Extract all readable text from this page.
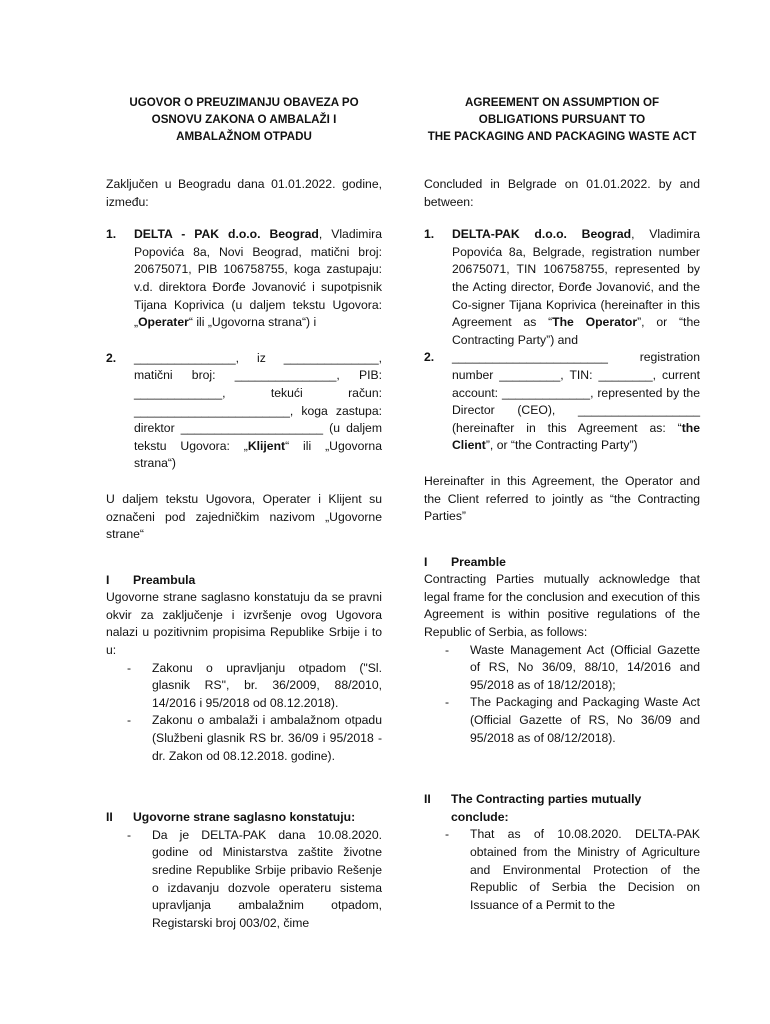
UGOVOR O PREUZIMANJU OBAVEZA PO
OSNOVU ZAKONA O AMBALAŽI I
AMBALAŽNOM OTPADU

Zaključen u Beogradu dana 01.01.2022. godine, između:

1.	DELTA - PAK d.o.o. Beograd, Vladimira Popovića 8a, Novi Beograd, matični broj: 20675071, PIB 106758755, koga zastupaju: v.d. direktora Đorđe Jovanović i supotpisnik Tijana Koprivica (u daljem tekstu Ugovora: „Operater“ ili „Ugovorna strana“) i
2.	_______________, iz ______________, matični broj: _______________, PIB: _____________, tekući račun: _______________________, koga zastupa: direktor _____________________ (u daljem tekstu Ugovora: „Klijent“ ili „Ugovorna strana“)

U daljem tekstu Ugovora, Operater i Klijent su označeni pod zajedničkim nazivom „Ugovorne strane“

I	Preambula

Ugovorne strane saglasno konstatuju da se pravni okvir za zaključenje i izvršenje ovog Ugovora nalazi u pozitivnim propisima Republike Srbije i to u:

-	Zakonu o upravljanju otpadom ("Sl. glasnik RS", br. 36/2009, 88/2010, 14/2016 i 95/2018 od 08.12.2018).
-	Zakonu o ambalaži i ambalažnom otpadu (Službeni glasnik RS br. 36/09 i 95/2018 - dr. Zakon od 08.12.2018. godine).
II	Ugovorne strane saglasno konstatuju:
-	Da je DELTA-PAK dana 10.08.2020. godine od Ministarstva zaštite životne sredine Republike Srbije pribavio Rešenje o izdavanju dozvole operateru sistema upravljanja ambalažnim otpadom, Registarski broj 003/02, čime

AGREEMENT ON ASSUMPTION OF
OBLIGATIONS PURSUANT TO
THE PACKAGING AND PACKAGING WASTE ACT

Concluded in Belgrade on 01.01.2022. by and between:

1.	DELTA-PAK d.o.o. Beograd, Vladimira Popovića 8a, Belgrade, registration number 20675071, TIN 106758755, represented by the Acting director, Đorđe Jovanović, and the Co-signer Tijana Koprivica (hereinafter in this Agreement as “The Operator”, or “the Contracting Party”) and
2.	_______________________ registration number _________, TIN: ________, current account: _____________, represented by the Director (CEO), __________________ (hereinafter in this Agreement as: “the Client”, or “the Contracting Party”)

Hereinafter in this Agreement, the Operator and the Client referred to jointly as “the Contracting Parties”

I	Preamble

Contracting Parties mutually acknowledge that legal frame for the conclusion and execution of this Agreement is within positive regulations of the Republic of Serbia, as follows:

-	Waste Management Act (Official Gazette of RS, No 36/09, 88/10, 14/2016 and 95/2018 as of 18/12/2018);
-	The Packaging and Packaging Waste Act (Official Gazette of RS, No 36/09 and 95/2018 as of 08/12/2018).
II	The Contracting parties mutually conclude:
-	That as of 10.08.2020. DELTA-PAK obtained from the Ministry of Agriculture and Environmental Protection of the Republic of Serbia the Decision on Issuance of a Permit to the
